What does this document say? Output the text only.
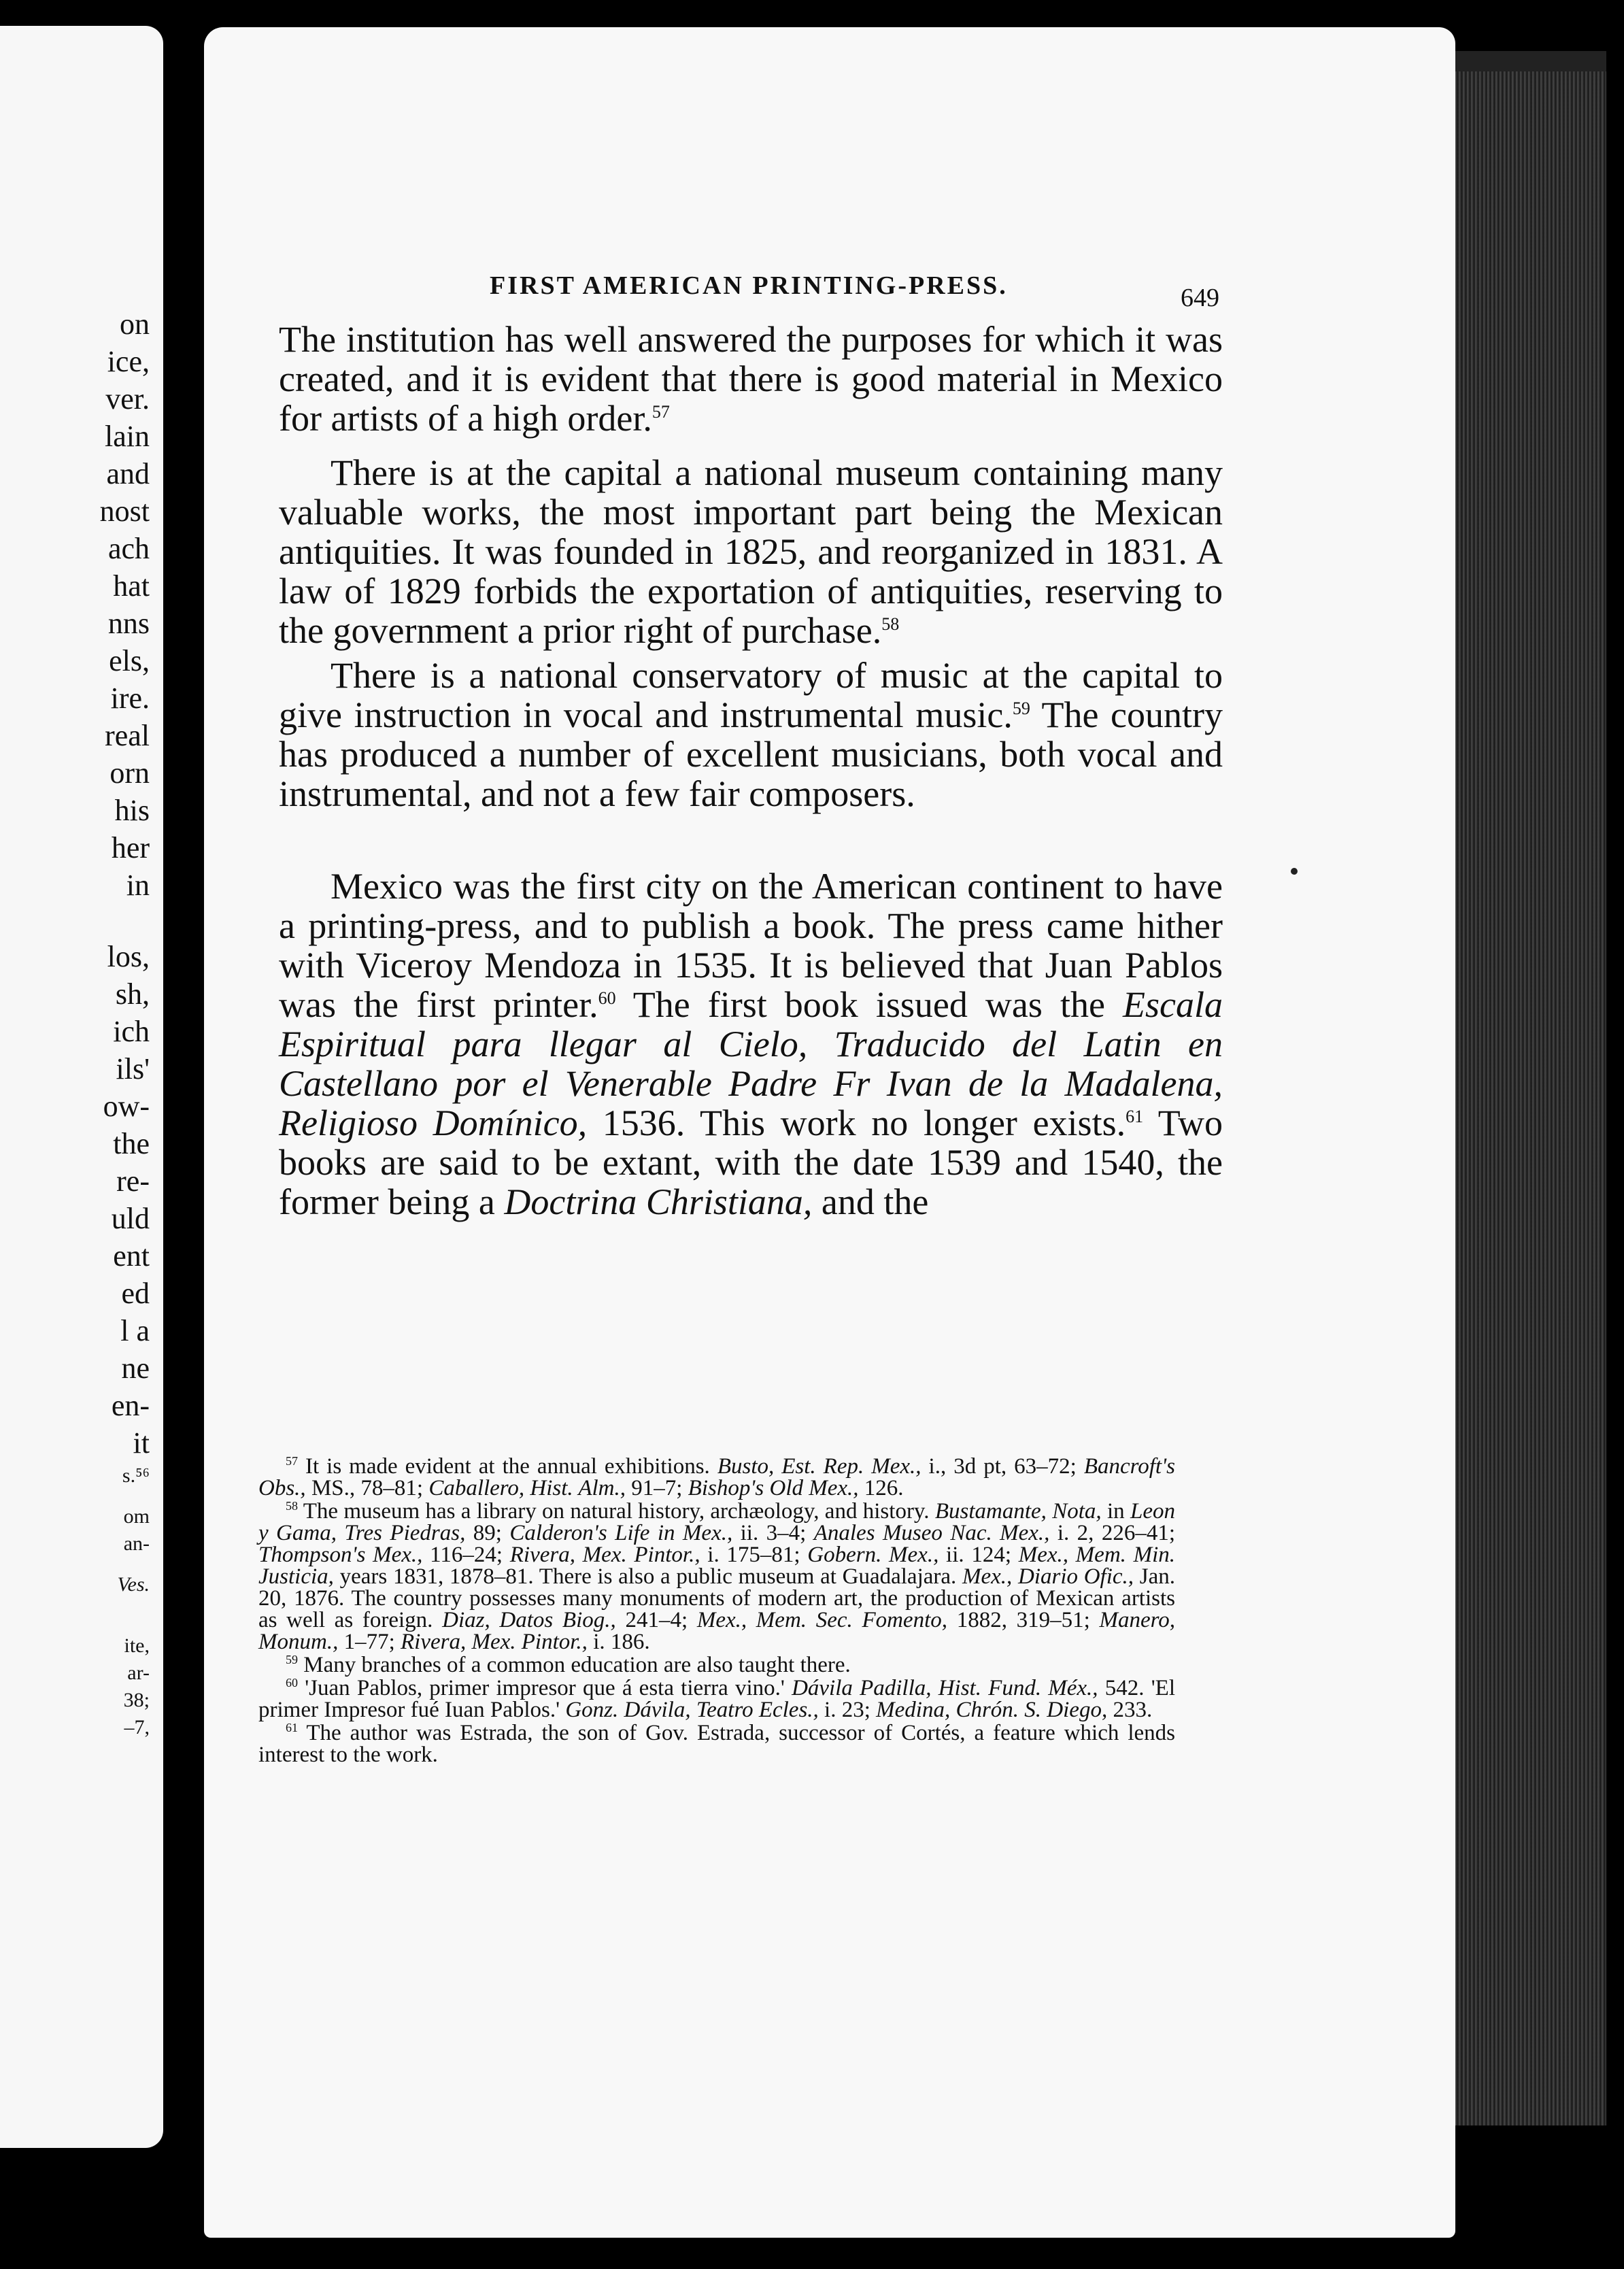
on
ice,
ver.
lain
and
nost
ach
hat
nns
els,
ire.
real
orn
his
her
in
los,
sh,
ich
ils'
ow-
the
re-
uld
ent
ed
l a
ne
en-
it
s.⁵⁶
om
an-
Ves.
ite,
ar-
38;
–7,
FIRST AMERICAN PRINTING-PRESS.	649

The institution has well answered the purposes for which it was created, and it is evident that there is good material in Mexico for artists of a high order.$^{57}$

There is at the capital a national museum containing many valuable works, the most important part being the Mexican antiquities. It was founded in 1825, and reorganized in 1831. A law of 1829 forbids the exportation of antiquities, reserving to the government a prior right of purchase.$^{58}$

There is a national conservatory of music at the capital to give instruction in vocal and instrumental music.$^{59}$ The country has produced a number of excellent musicians, both vocal and instrumental, and not a few fair composers.

Mexico was the first city on the American continent to have a printing-press, and to publish a book. The press came hither with Viceroy Mendoza in 1535. It is believed that Juan Pablos was the first printer.$^{60}$ The first book issued was the Escala Espiritual para llegar al Cielo, Traducido del Latin en Castellano por el Venerable Padre Fr Ivan de la Madalena, Religioso Domínico, 1536. This work no longer exists.$^{61}$ Two books are said to be extant, with the date 1539 and 1540, the former being a Doctrina Christiana, and the

$^{57}$ It is made evident at the annual exhibitions. Busto, Est. Rep. Mex., i., 3d pt, 63–72; Bancroft's Obs., MS., 78–81; Caballero, Hist. Alm., 91–7; Bishop's Old Mex., 126.

$^{58}$ The museum has a library on natural history, archæology, and history. Bustamante, Nota, in Leon y Gama, Tres Piedras, 89; Calderon's Life in Mex., ii. 3–4; Anales Museo Nac. Mex., i. 2, 226–41; Thompson's Mex., 116–24; Rivera, Mex. Pintor., i. 175–81; Gobern. Mex., ii. 124; Mex., Mem. Min. Justicia, years 1831, 1878–81. There is also a public museum at Guadalajara. Mex., Diario Ofic., Jan. 20, 1876. The country possesses many monuments of modern art, the production of Mexican artists as well as foreign. Diaz, Datos Biog., 241–4; Mex., Mem. Sec. Fomento, 1882, 319–51; Manero, Monum., 1–77; Rivera, Mex. Pintor., i. 186.

$^{59}$ Many branches of a common education are also taught there.

$^{60}$ 'Juan Pablos, primer impresor que á esta tierra vino.' Dávila Padilla, Hist. Fund. Méx., 542. 'El primer Impresor fué Iuan Pablos.' Gonz. Dávila, Teatro Ecles., i. 23; Medina, Chrón. S. Diego, 233.

$^{61}$ The author was Estrada, the son of Gov. Estrada, successor of Cortés, a feature which lends interest to the work.
